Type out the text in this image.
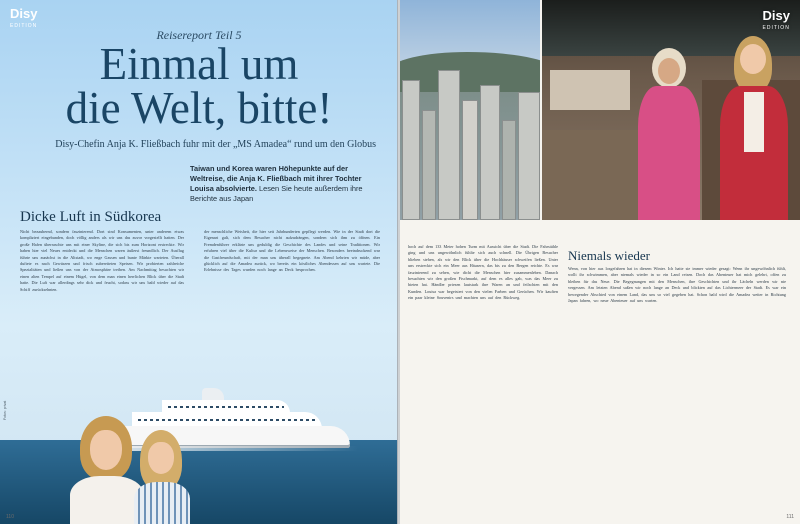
Disy
EDITION
Reisereport Teil 5
Einmal um
die Welt, bitte!
Disy-Chefin Anja K. Fließbach fuhr mit der „MS Amadea“ rund um den Globus
Taiwan und Korea waren Höhepunkte auf der Weltreise, die Anja K. Fließbach mit ihrer Tochter Louisa absolvierte. Lesen Sie heute außerdem ihre Berichte aus Japan
Dicke Luft in Südkorea
Nicht bezaubernd, sondern faszinierend. Dort sind Konsumenten, unter anderem etwas kompliziert eingebunden, doch völlig anders als wir uns das zuvor vorgestellt hatten. Der große Hafen überraschte uns mit einer Skyline, die sich bis zum Horizont erstreckte. Wir haben hier viel Neues entdeckt und die Menschen waren äußerst freundlich. Der Ausflug führte uns zunächst in die Altstadt, wo enge Gassen und bunte Märkte warteten. Überall duftete es nach Gewürzen und frisch zubereiteten Speisen. Wir probierten zahlreiche Spezialitäten und ließen uns von der Atmosphäre treiben. Am Nachmittag besuchten wir einen alten Tempel auf einem Hügel, von dem man einen herrlichen Blick über die Stadt hatte. Die Luft war allerdings sehr dick und feucht, sodass wir uns bald wieder auf das Schiff zurücksehnten.
der menschliche Weisheit, die hier seit Jahrhunderten gepflegt werden. Wie in der Stadt dort die Eigenart galt, sich dem Besucher nicht aufzudrängen, sondern sich ihm zu öffnen. Ein Fremdenführer erklärte uns geduldig die Geschichte des Landes und seine Traditionen. Wir erfuhren viel über die Kultur und die Lebensweise der Menschen. Besonders beeindruckend war die Gastfreundschaft, mit der man uns überall begegnete. Am Abend kehrten wir müde, aber glücklich auf die Amadea zurück, wo bereits ein köstliches Abendessen auf uns wartete. Die Erlebnisse des Tages wurden noch lange an Deck besprochen.
Fotos: privat
110
Disy
EDITION
hoch auf dem 133 Meter hohen Turm mit Aussicht über die Stadt. Die Fahrstühle ging und uns ungewöhnlich fühlte sich auch schnell. Die Übrigen Besucher blieben stehen, als wir den Blick über die Hochhäuser schweifen ließen. Unter uns erstreckte sich ein Meer aus Häusern, das bis zu den Bergen reichte. Es war faszinierend zu sehen, wie dicht die Menschen hier zusammenleben. Danach besuchten wir den großen Fischmarkt, auf dem es alles gab, was das Meer zu bieten hat. Händler priesen lautstark ihre Waren an und feilschten mit den Kunden. Louisa war begeistert von den vielen Farben und Gerüchen. Wir kauften ein paar kleine Souvenirs und machten uns auf den Rückweg.
Niemals wieder
Wenn, von hier aus losgefahren hat in diesem Winter. Ich hatte sie immer wieder gesagt: Wenn ihr ungewöhnlich fühlt, wollt ihr schwimmen, aber niemals wieder in so ein Land reisen. Doch das Abenteuer hat mich gelehrt, offen zu bleiben für das Neue. Die Begegnungen mit den Menschen, ihre Geschichten und ihr Lächeln werden wir nie vergessen. Am letzten Abend saßen wir noch lange an Deck und blickten auf das Lichtermeer der Stadt. Es war ein bewegender Abschied von einem Land, das uns so viel gegeben hat. Schon bald wird die Amadea weiter in Richtung Japan fahren, wo neue Abenteuer auf uns warten.
111
